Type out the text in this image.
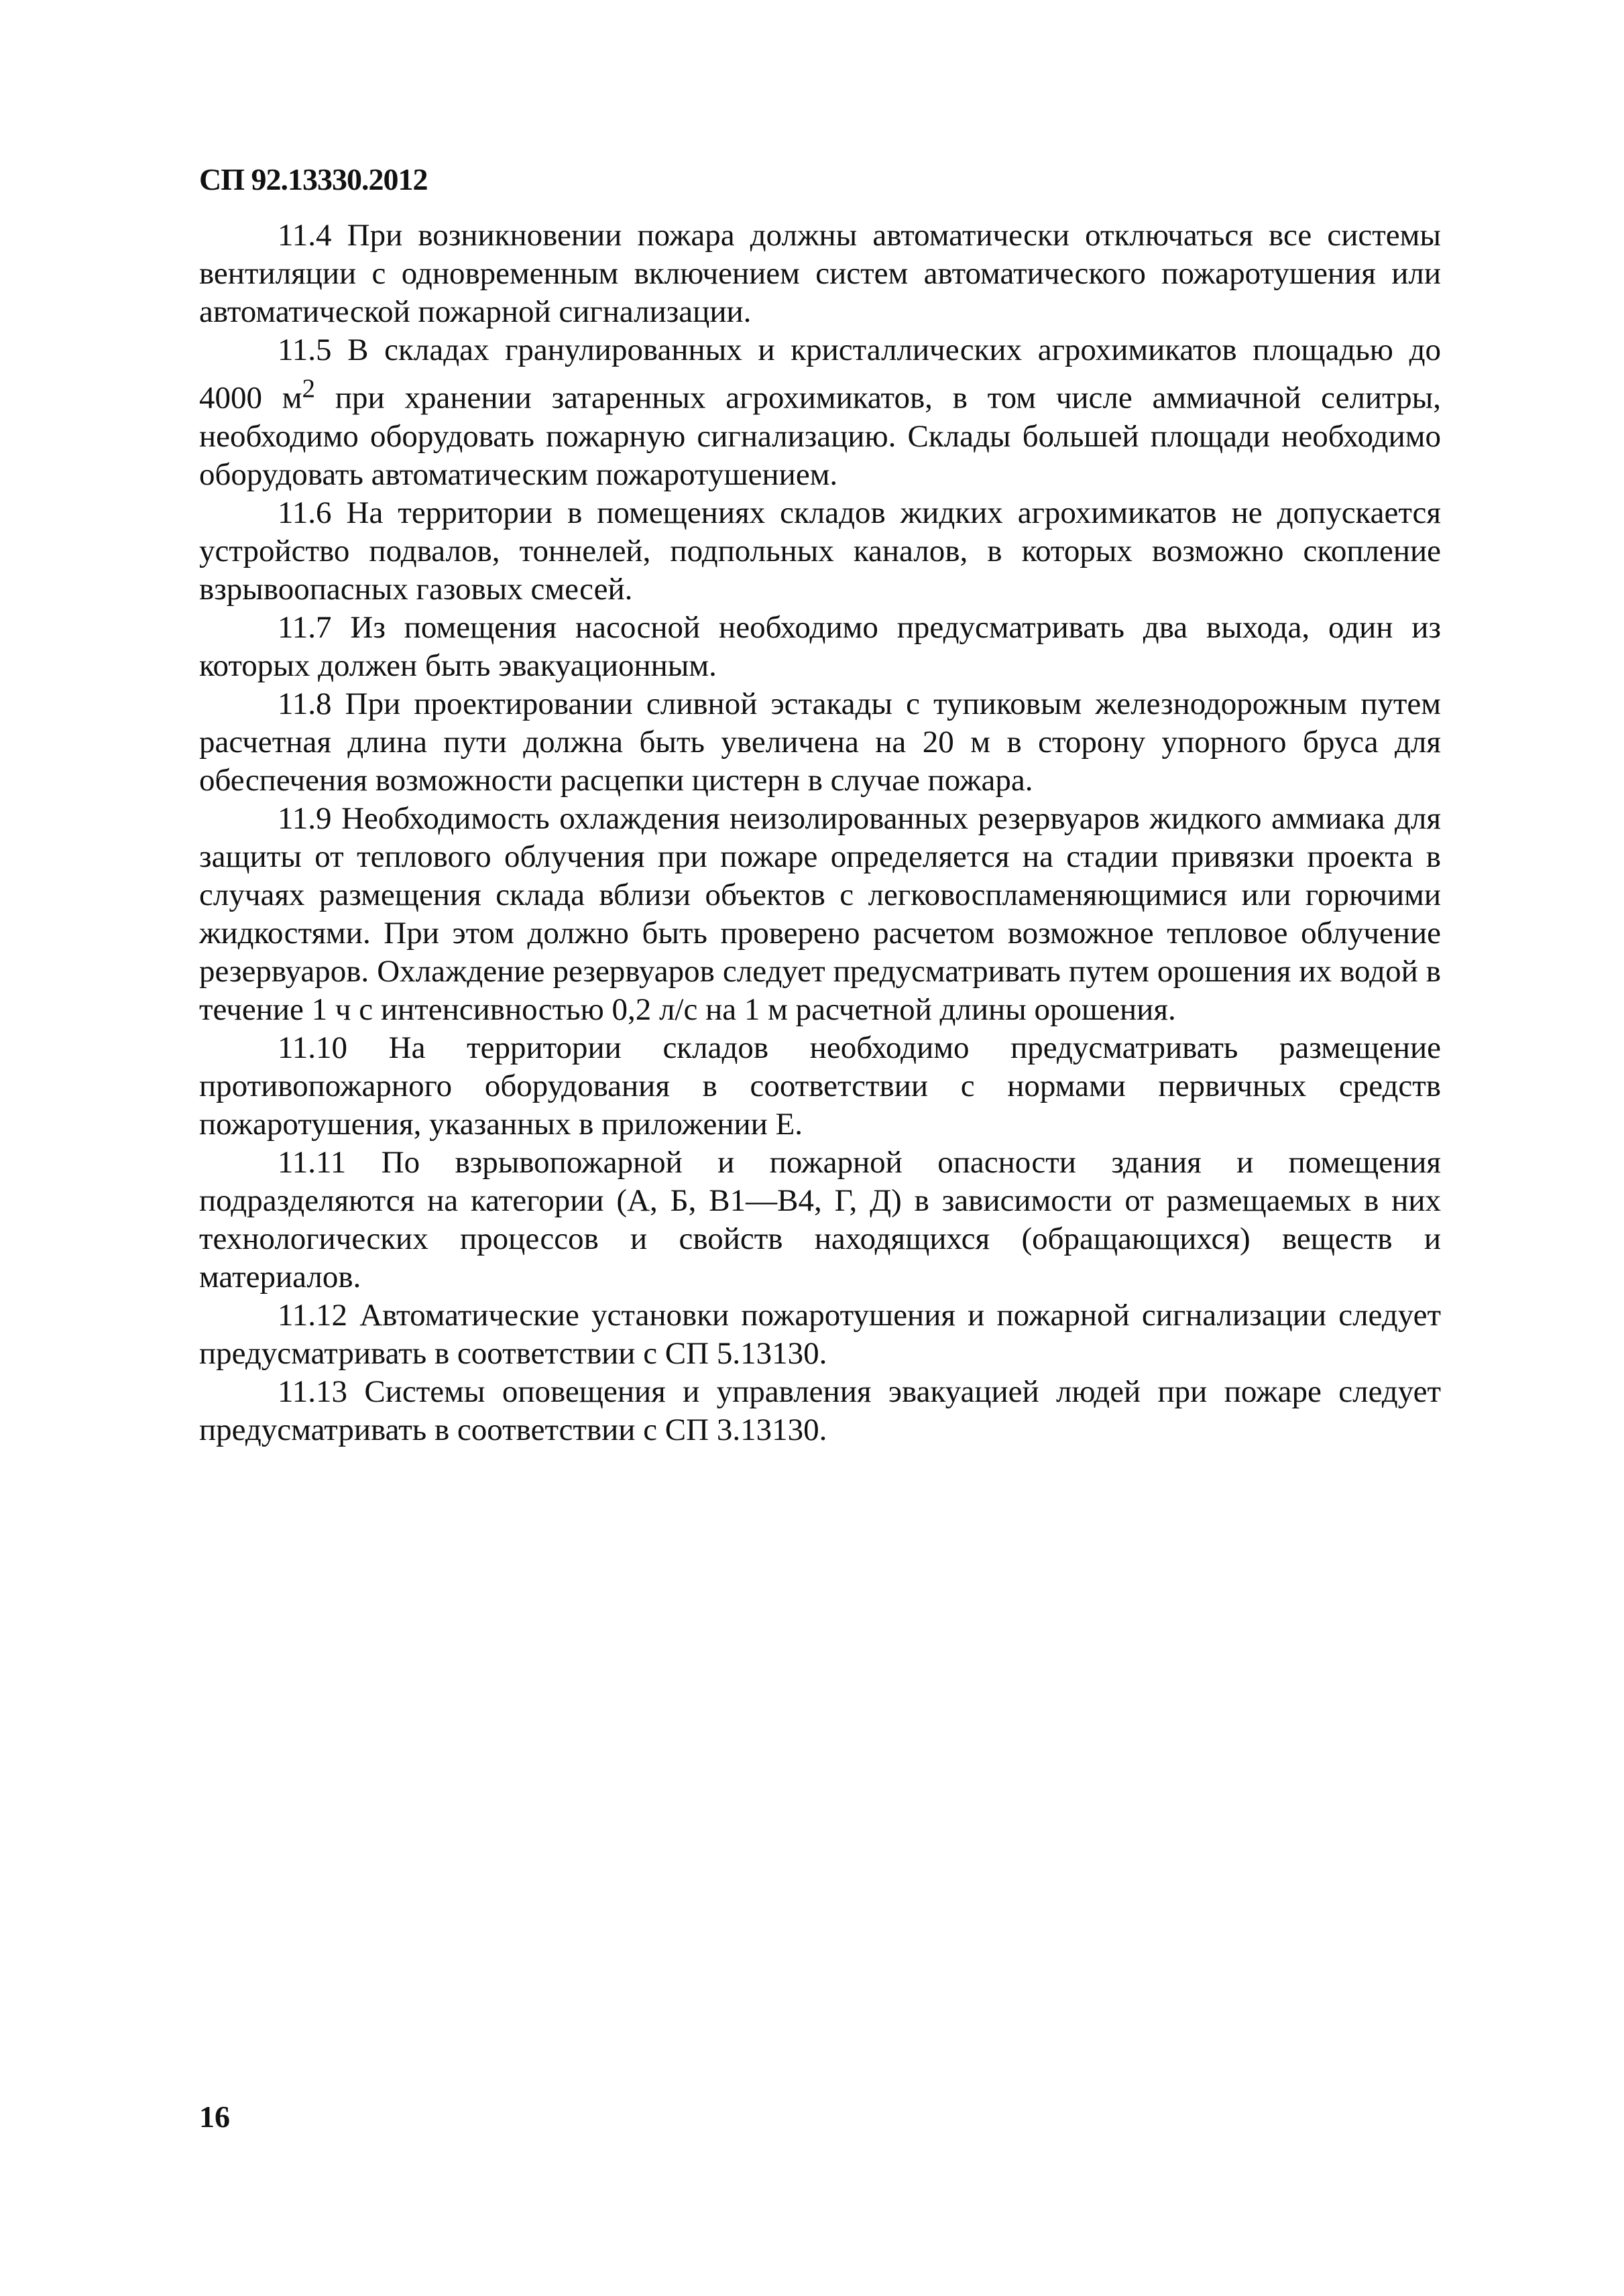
СП 92.13330.2012

11.4 При возникновении пожара должны автоматически отключаться все системы вентиляции с одновременным включением систем автоматического пожаротушения или автоматической пожарной сигнализации.

11.5 В складах гранулированных и кристаллических агрохимикатов площадью до 4000 $м^2$ при хранении затаренных агрохимикатов, в том числе аммиачной селитры, необходимо оборудовать пожарную сигнализацию. Склады большей площади необходимо оборудовать автоматическим пожаротушением.

11.6 На территории в помещениях складов жидких агрохимикатов не допускается устройство подвалов, тоннелей, подпольных каналов, в которых возможно скопление взрывоопасных газовых смесей.

11.7 Из помещения насосной необходимо предусматривать два выхода, один из которых должен быть эвакуационным.

11.8 При проектировании сливной эстакады с тупиковым железнодорожным путем расчетная длина пути должна быть увеличена на 20 м в сторону упорного бруса для обеспечения возможности расцепки цистерн в случае пожара.

11.9 Необходимость охлаждения неизолированных резервуаров жидкого аммиака для защиты от теплового облучения при пожаре определяется на стадии привязки проекта в случаях размещения склада вблизи объектов с легковоспламеняющимися или горючими жидкостями. При этом должно быть проверено расчетом возможное тепловое облучение резервуаров. Охлаждение резервуаров следует предусматривать путем орошения их водой в течение 1 ч с интенсивностью 0,2 л/с на 1 м расчетной длины орошения.

11.10 На территории складов необходимо предусматривать размещение противопожарного оборудования в соответствии с нормами первичных средств пожаротушения, указанных в приложении Е.

11.11 По взрывопожарной и пожарной опасности здания и помещения подразделяются на категории (А, Б, В1—В4, Г, Д) в зависимости от размещаемых в них технологических процессов и свойств находящихся (обращающихся) веществ и материалов.

11.12 Автоматические установки пожаротушения и пожарной сигнализации следует предусматривать в соответствии с СП 5.13130.

11.13 Системы оповещения и управления эвакуацией людей при пожаре следует предусматривать в соответствии с СП 3.13130.

16
